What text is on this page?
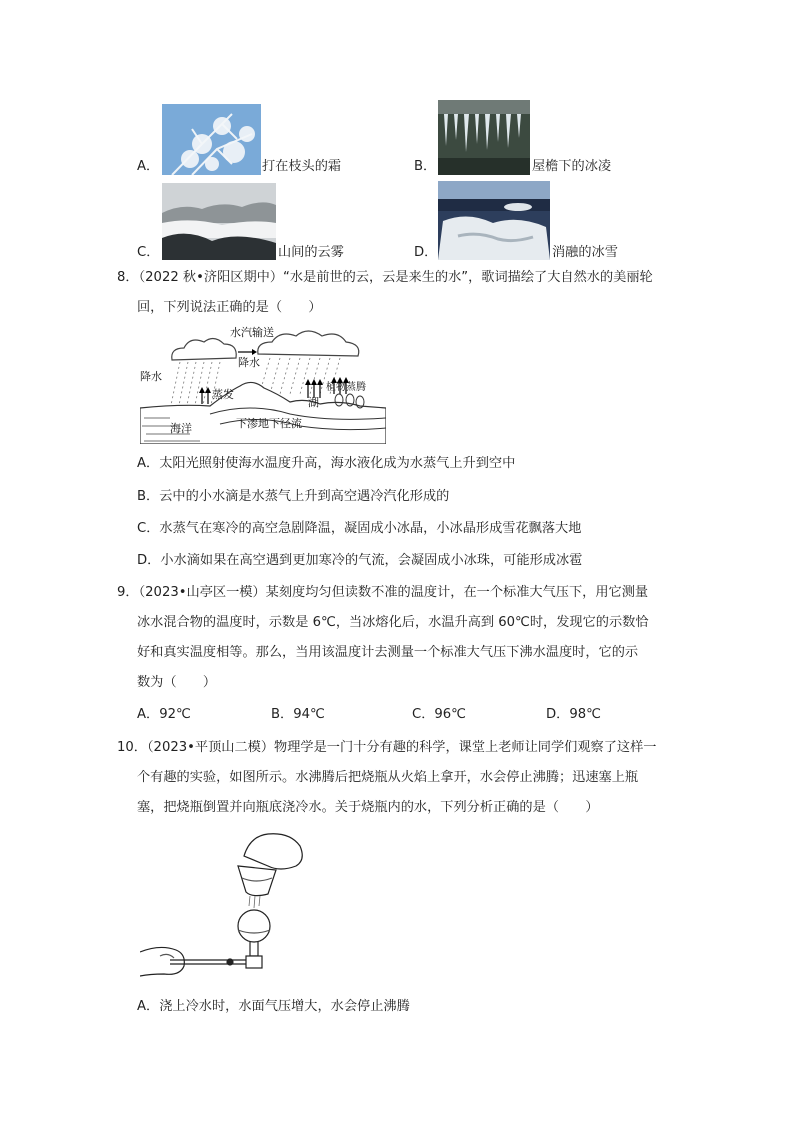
A．	打在枝头的霜	B．	屋檐下的冰凌
C．	山间的云雾	D．	消融的冰雪
8．（2022 秋•济阳区期中）“水是前世的云，云是来生的水”，歌词描绘了大自然水的美丽轮
回，下列说法正确的是（　　）
水汽输送
降水
降水
蒸发
湖
植物蒸腾
海洋	下渗地下径流
A．太阳光照射使海水温度升高，海水液化成为水蒸气上升到空中
B．云中的小水滴是水蒸气上升到高空遇冷汽化形成的
C．水蒸气在寒冷的高空急剧降温，凝固成小冰晶，小冰晶形成雪花飘落大地
D．小水滴如果在高空遇到更加寒冷的气流，会凝固成小冰珠，可能形成冰雹
9．（2023•山亭区一模）某刻度均匀但读数不准的温度计，在一个标准大气压下，用它测量
冰水混合物的温度时，示数是 6℃，当冰熔化后，水温升高到 60℃时，发现它的示数恰
好和真实温度相等。那么，当用该温度计去测量一个标准大气压下沸水温度时，它的示
数为（　　）
A．92℃	B．94℃	C．96℃	D．98℃
10．（2023•平顶山二模）物理学是一门十分有趣的科学，课堂上老师让同学们观察了这样一
个有趣的实验，如图所示。水沸腾后把烧瓶从火焰上拿开，水会停止沸腾；迅速塞上瓶
塞，把烧瓶倒置并向瓶底浇冷水。关于烧瓶内的水，下列分析正确的是（　　）
A．浇上冷水时，水面气压增大，水会停止沸腾
